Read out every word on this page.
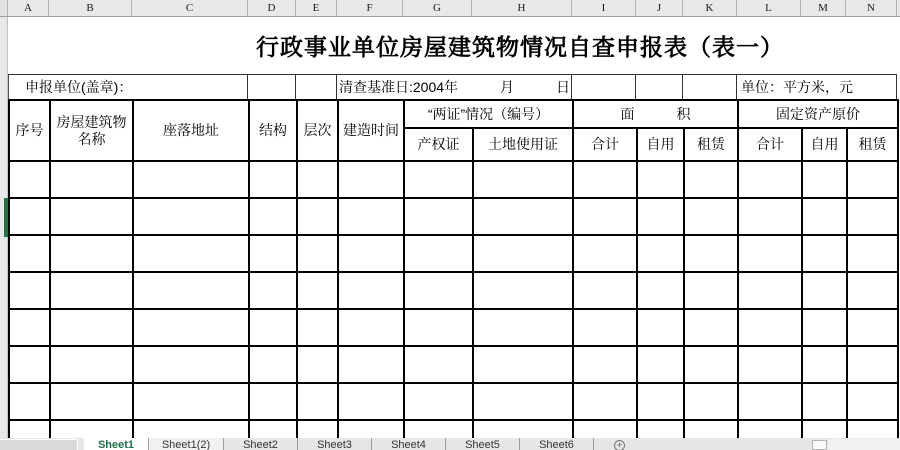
A	B	C	D	E	F	G	H	I	J	K	L	M	N
行政事业单位房屋建筑物情况自查申报表（表一）
申报单位(盖章)：	清查基准日:2004年　　　月　　　日	单位：平方米，元
序号	房屋建筑物名称	座落地址	结构	层次	建造时间	“两证”情况（编号）		面　　　积			固定资产原价		
						产权证	土地使用证	合计	自用	租赁	合计	自用	租赁

Sheet1	Sheet1(2)	Sheet2	Sheet3	Sheet4	Sheet5	Sheet6	+
